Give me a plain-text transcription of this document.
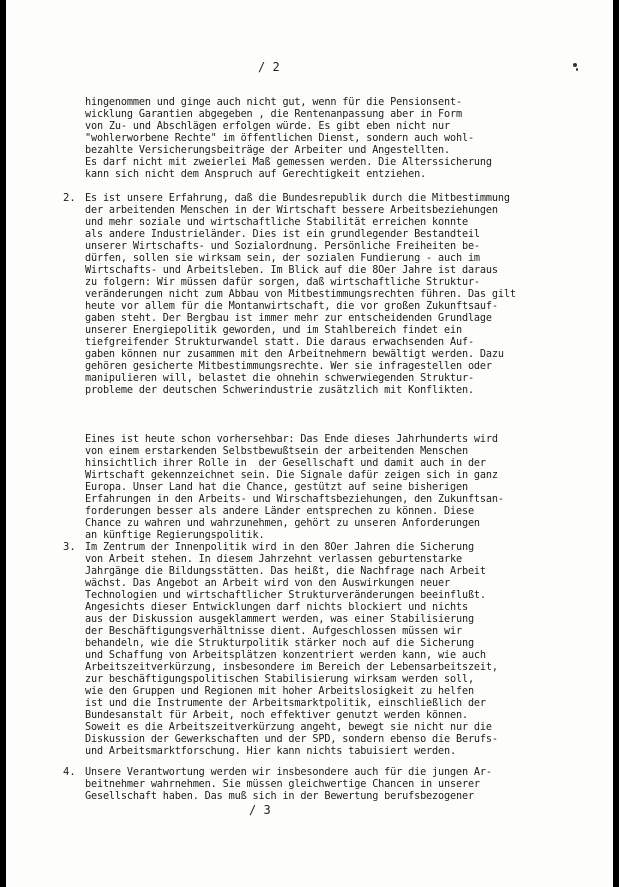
/ 2
hingenommen und ginge auch nicht gut, wenn für die Pensionsent-
wicklung Garantien abgegeben , die Rentenanpassung aber in Form
von Zu- und Abschlägen erfolgen würde. Es gibt eben nicht nur
"wohlerworbene Rechte" im öffentlichen Dienst, sondern auch wohl-
bezahlte Versicherungsbeiträge der Arbeiter und Angestellten.
Es darf nicht mit zweierlei Maß gemessen werden. Die Alterssicherung
kann sich nicht dem Anspruch auf Gerechtigkeit entziehen.
2. Es ist unsere Erfahrung, daß die Bundesrepublik durch die Mitbestimmung
der arbeitenden Menschen in der Wirtschaft bessere Arbeitsbeziehungen
und mehr soziale und wirtschaftliche Stabilität erreichen konnte
als andere Industrieländer. Dies ist ein grundlegender Bestandteil
unserer Wirtschafts- und Sozialordnung. Persönliche Freiheiten be-
dürfen, sollen sie wirksam sein, der sozialen Fundierung - auch im
Wirtschafts- und Arbeitsleben. Im Blick auf die 8Oer Jahre ist daraus
zu folgern: Wir müssen dafür sorgen, daß wirtschaftliche Struktur-
veränderungen nicht zum Abbau von Mitbestimmungsrechten führen. Das gilt
heute vor allem für die Montanwirtschaft, die vor großen Zukunftsauf-
gaben steht. Der Bergbau ist immer mehr zur entscheidenden Grundlage
unserer Energiepolitik geworden, und im Stahlbereich findet ein
tiefgreifender Strukturwandel statt. Die daraus erwachsenden Auf-
gaben können nur zusammen mit den Arbeitnehmern bewältigt werden. Dazu
gehören gesicherte Mitbestimmungsrechte. Wer sie infragestellen oder
manipulieren will, belastet die ohnehin schwerwiegenden Struktur-
probleme der deutschen Schwerindustrie zusätzlich mit Konflikten.
Eines ist heute schon vorhersehbar: Das Ende dieses Jahrhunderts wird
von einem erstarkenden Selbstbewußtsein der arbeitenden Menschen
hinsichtlich ihrer Rolle in  der Gesellschaft und damit auch in der
Wirtschaft gekennzeichnet sein. Die Signale dafür zeigen sich in ganz
Europa. Unser Land hat die Chance, gestützt auf seine bisherigen
Erfahrungen in den Arbeits- und Wirschaftsbeziehungen, den Zukunftsan-
forderungen besser als andere Länder entsprechen zu können. Diese
Chance zu wahren und wahrzunehmen, gehört zu unseren Anforderungen
an künftige Regierungspolitik.
3. Im Zentrum der Innenpolitik wird in den 8Oer Jahren die Sicherung
von Arbeit stehen. In diesem Jahrzehnt verlassen geburtenstarke
Jahrgänge die Bildungsstätten. Das heißt, die Nachfrage nach Arbeit
wächst. Das Angebot an Arbeit wird von den Auswirkungen neuer
Technologien und wirtschaftlicher Strukturveränderungen beeinflußt.
Angesichts dieser Entwicklungen darf nichts blockiert und nichts
aus der Diskussion ausgeklammert werden, was einer Stabilisierung
der Beschäftigungsverhältnisse dient. Aufgeschlossen müssen wir
behandeln, wie die Strukturpolitik stärker noch auf die Sicherung
und Schaffung von Arbeitsplätzen konzentriert werden kann, wie auch
Arbeitszeitverkürzung, insbesondere im Bereich der Lebensarbeitszeit,
zur beschäftigungspolitischen Stabilisierung wirksam werden soll,
wie den Gruppen und Regionen mit hoher Arbeitslosigkeit zu helfen
ist und die Instrumente der Arbeitsmarktpolitik, einschließlich der
Bundesanstalt für Arbeit, noch effektiver genutzt werden können.
Soweit es die Arbeitszeitverkürzung angeht, bewegt sie nicht nur die
Diskussion der Gewerkschaften und der SPD, sondern ebenso die Berufs-
und Arbeitsmarktforschung. Hier kann nichts tabuisiert werden.
4. Unsere Verantwortung werden wir insbesondere auch für die jungen Ar-
beitnehmer wahrnehmen. Sie müssen gleichwertige Chancen in unserer
Gesellschaft haben. Das muß sich in der Bewertung berufsbezogener
/ 3
